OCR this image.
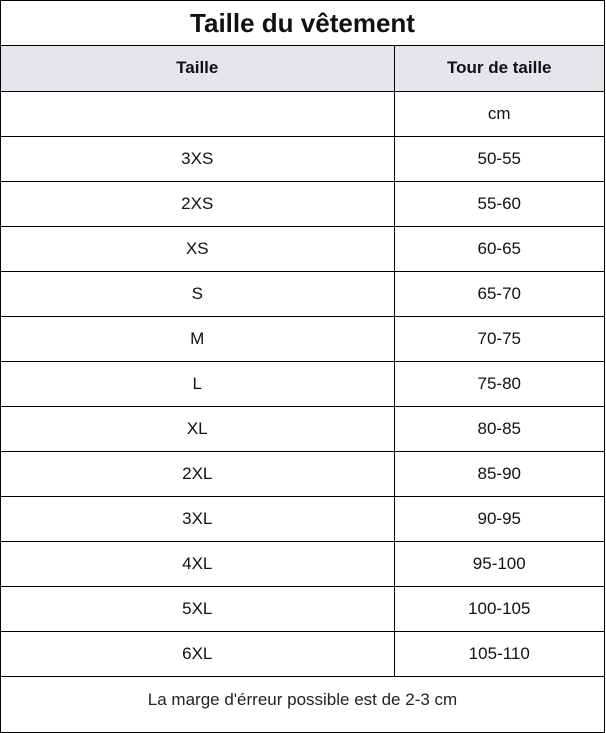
Taille du vêtement
Taille	Tour de taille
	cm
3XS	50-55
2XS	55-60
XS	60-65
S	65-70
M	70-75
L	75-80
XL	80-85
2XL	85-90
3XL	90-95
4XL	95-100
5XL	100-105
6XL	105-110
La marge d'érreur possible est de 2-3 cm
